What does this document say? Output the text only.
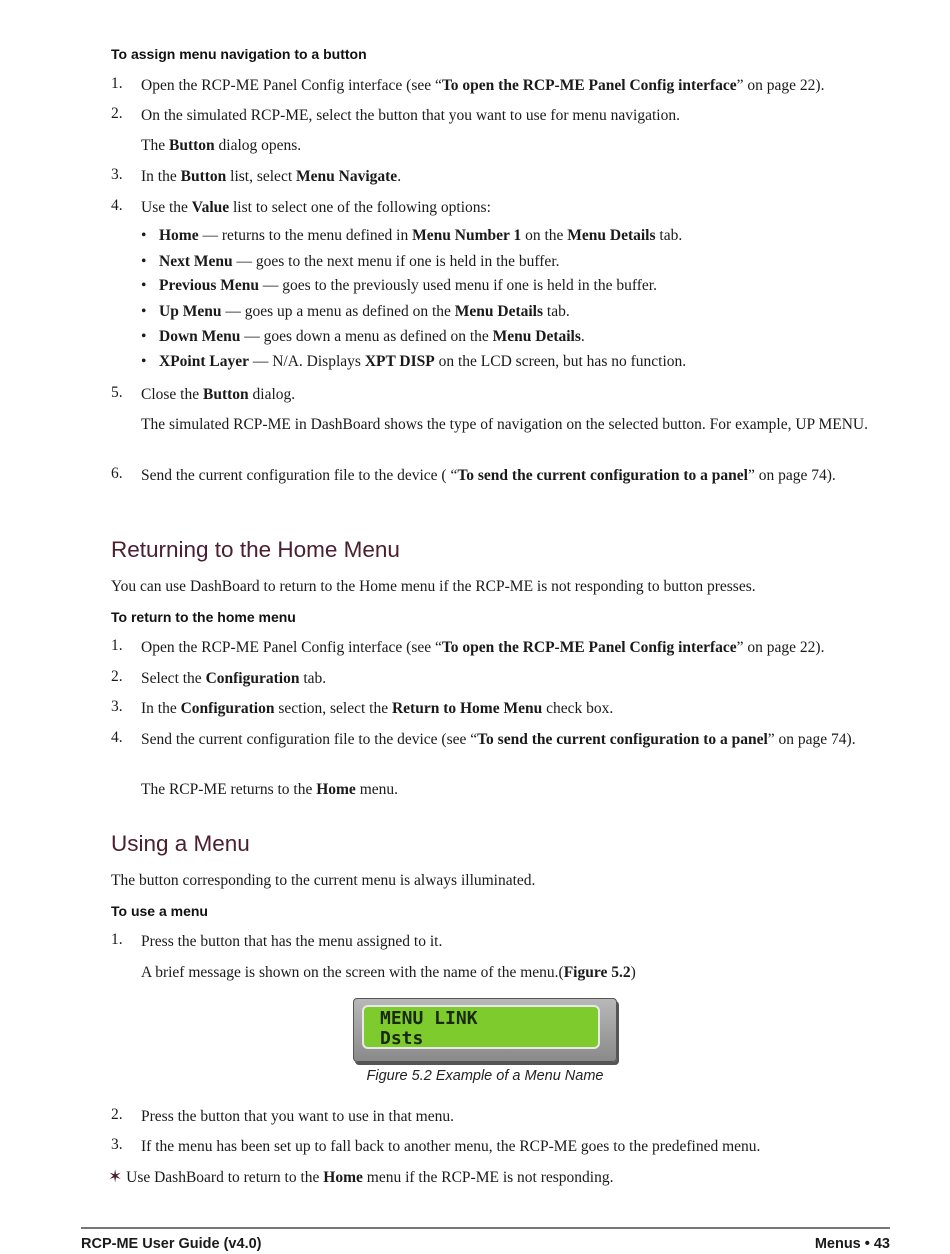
To assign menu navigation to a button
1. Open the RCP-ME Panel Config interface (see “To open the RCP-ME Panel Config interface” on page 22).
2. On the simulated RCP-ME, select the button that you want to use for menu navigation.
The Button dialog opens.
3. In the Button list, select Menu Navigate.
4. Use the Value list to select one of the following options:
• Home — returns to the menu defined in Menu Number 1 on the Menu Details tab.
• Next Menu — goes to the next menu if one is held in the buffer.
• Previous Menu — goes to the previously used menu if one is held in the buffer.
• Up Menu — goes up a menu as defined on the Menu Details tab.
• Down Menu — goes down a menu as defined on the Menu Details.
• XPoint Layer — N/A. Displays XPT DISP on the LCD screen, but has no function.
5. Close the Button dialog.
The simulated RCP-ME in DashBoard shows the type of navigation on the selected button. For example, UP MENU.
6. Send the current configuration file to the device ( “To send the current configuration to a panel” on page 74).
Returning to the Home Menu
You can use DashBoard to return to the Home menu if the RCP-ME is not responding to button presses.
To return to the home menu
1. Open the RCP-ME Panel Config interface (see “To open the RCP-ME Panel Config interface” on page 22).
2. Select the Configuration tab.
3. In the Configuration section, select the Return to Home Menu check box.
4. Send the current configuration file to the device (see “To send the current configuration to a panel” on page 74).
The RCP-ME returns to the Home menu.
Using a Menu
The button corresponding to the current menu is always illuminated.
To use a menu
1. Press the button that has the menu assigned to it.
A brief message is shown on the screen with the name of the menu.(Figure 5.2)
MENU LINK
Dsts
Figure 5.2 Example of a Menu Name
2. Press the button that you want to use in that menu.
3. If the menu has been set up to fall back to another menu, the RCP-ME goes to the predefined menu.
✶ Use DashBoard to return to the Home menu if the RCP-ME is not responding.
RCP-ME User Guide (v4.0)	Menus • 43
